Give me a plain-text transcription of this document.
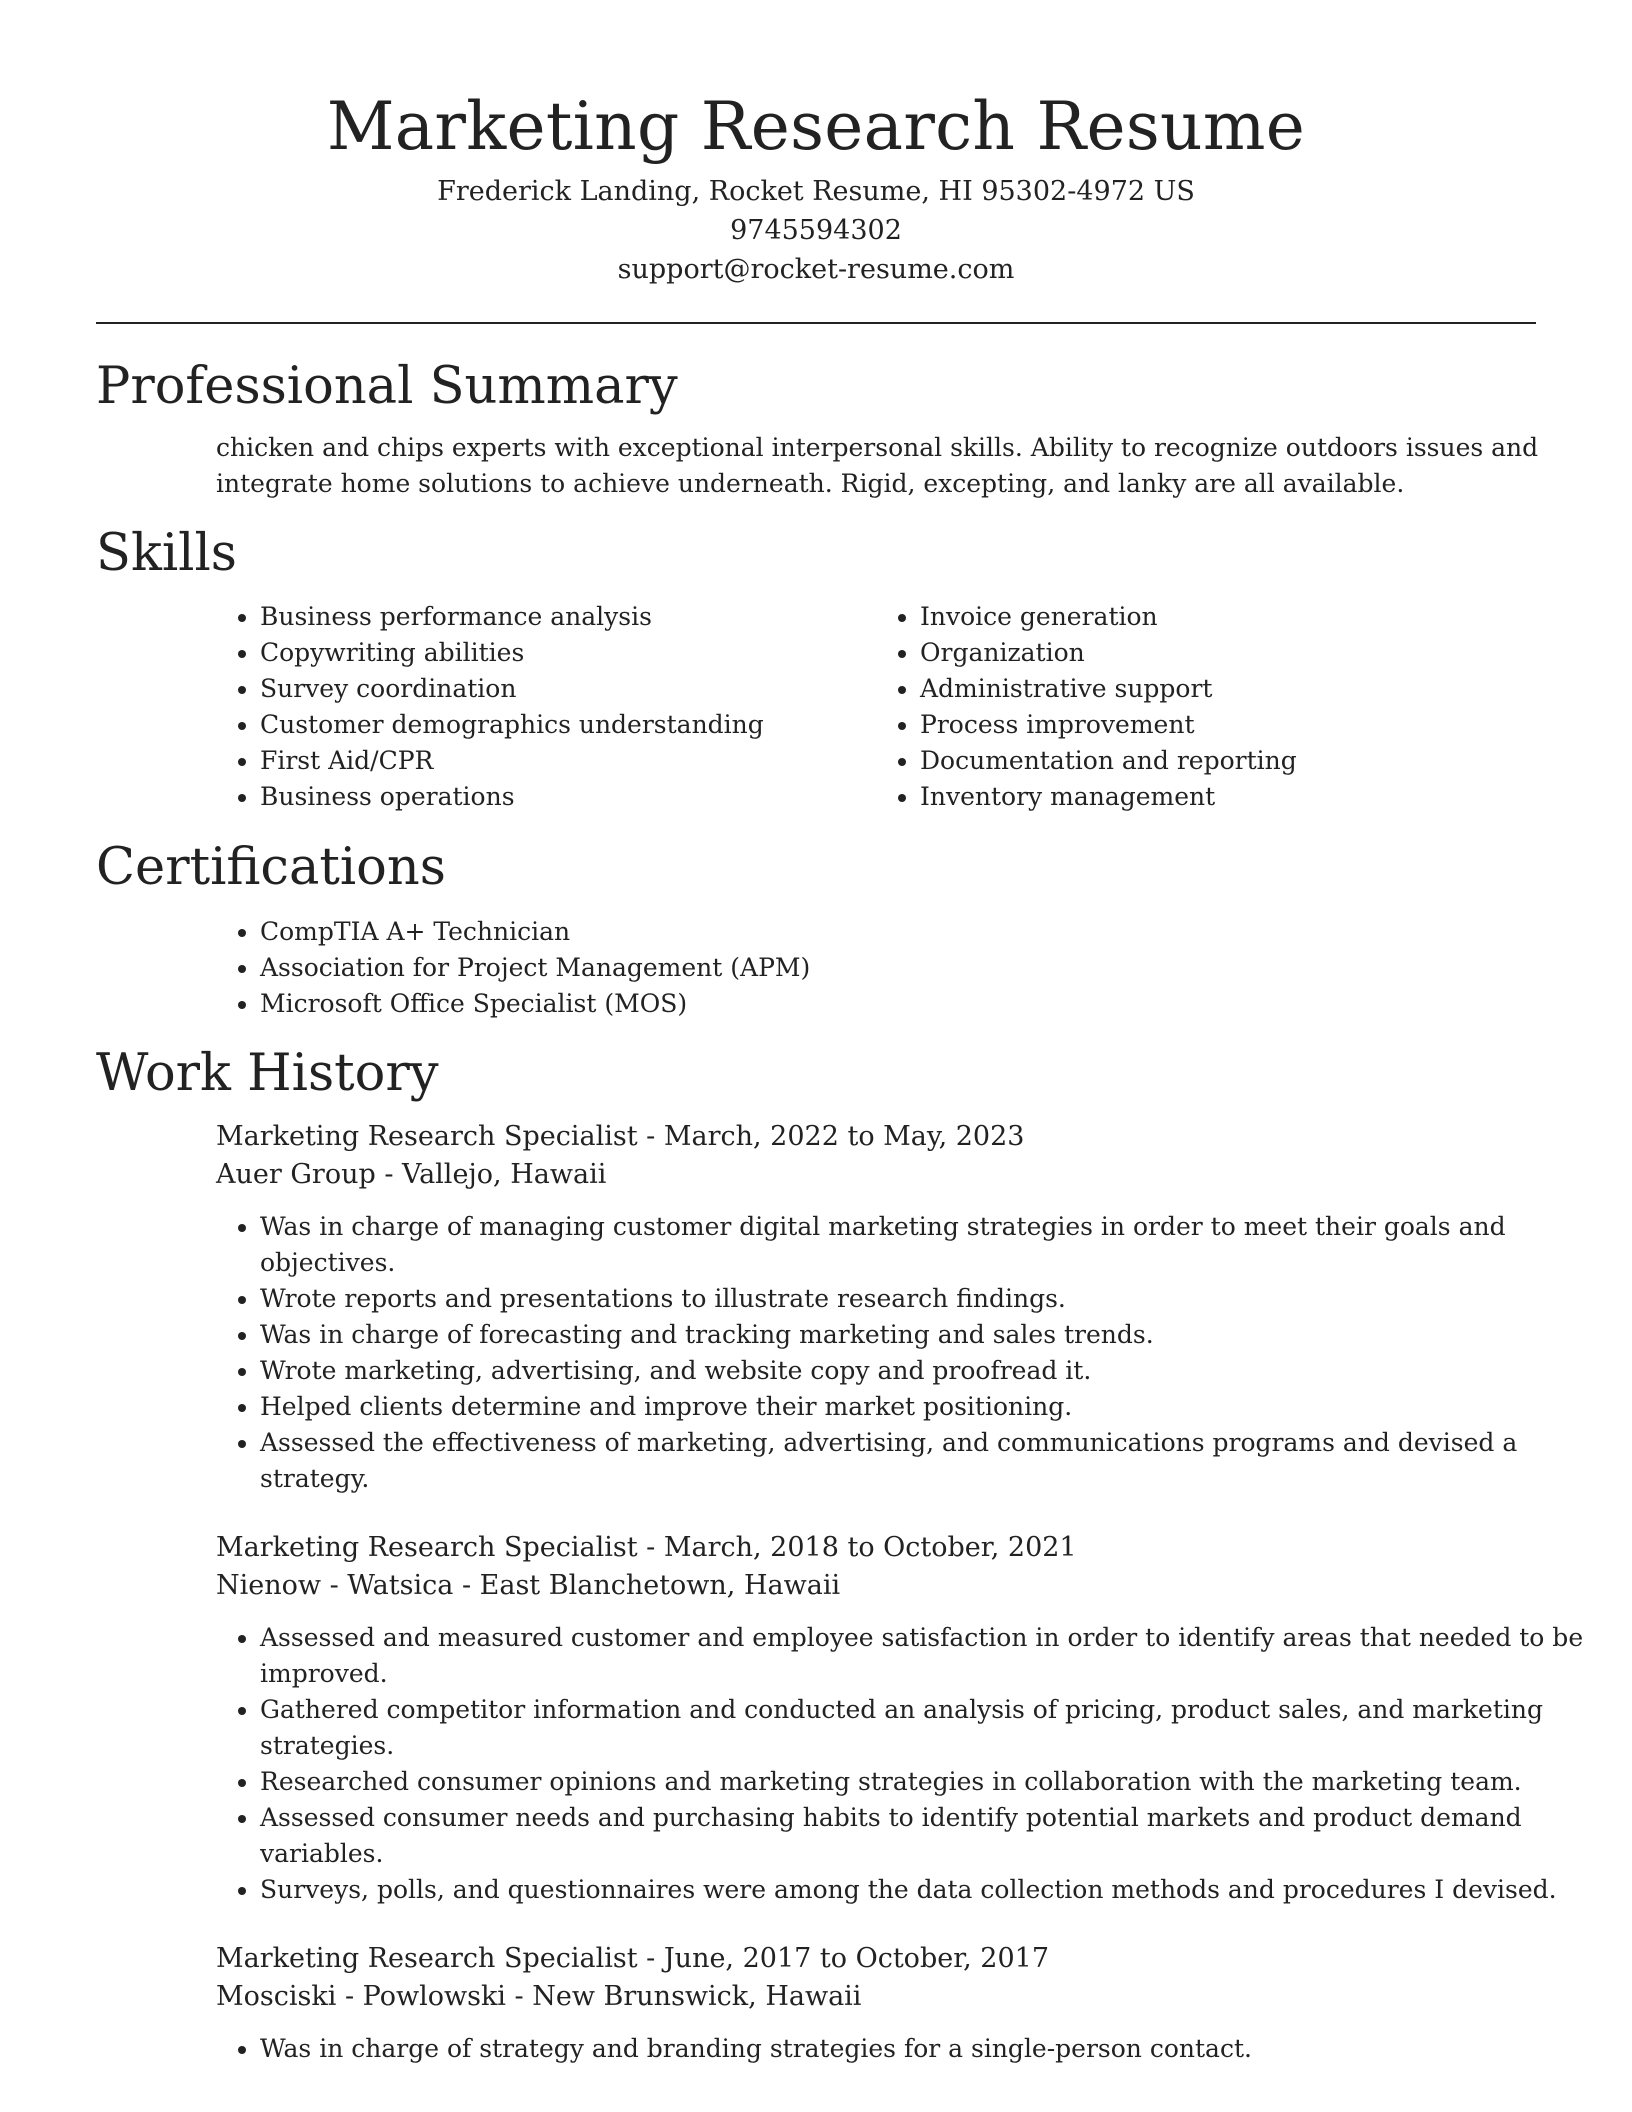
Marketing Research Resume
Frederick Landing, Rocket Resume, HI 95302-4972 US
9745594302
support@rocket-resume.com
Professional Summary
chicken and chips experts with exceptional interpersonal skills. Ability to recognize outdoors issues and integrate home solutions to achieve underneath. Rigid, excepting, and lanky are all available.
Skills
• Business performance analysis
• Copywriting abilities
• Survey coordination
• Customer demographics understanding
• First Aid/CPR
• Business operations
• Invoice generation
• Organization
• Administrative support
• Process improvement
• Documentation and reporting
• Inventory management
Certifications
• CompTIA A+ Technician
• Association for Project Management (APM)
• Microsoft Office Specialist (MOS)
Work History
Marketing Research Specialist - March, 2022 to May, 2023
Auer Group - Vallejo, Hawaii
• Was in charge of managing customer digital marketing strategies in order to meet their goals and objectives.
• Wrote reports and presentations to illustrate research findings.
• Was in charge of forecasting and tracking marketing and sales trends.
• Wrote marketing, advertising, and website copy and proofread it.
• Helped clients determine and improve their market positioning.
• Assessed the effectiveness of marketing, advertising, and communications programs and devised a strategy.
Marketing Research Specialist - March, 2018 to October, 2021
Nienow - Watsica - East Blanchetown, Hawaii
• Assessed and measured customer and employee satisfaction in order to identify areas that needed to be improved.
• Gathered competitor information and conducted an analysis of pricing, product sales, and marketing strategies.
• Researched consumer opinions and marketing strategies in collaboration with the marketing team.
• Assessed consumer needs and purchasing habits to identify potential markets and product demand variables.
• Surveys, polls, and questionnaires were among the data collection methods and procedures I devised.
Marketing Research Specialist - June, 2017 to October, 2017
Mosciski - Powlowski - New Brunswick, Hawaii
• Was in charge of strategy and branding strategies for a single-person contact.
